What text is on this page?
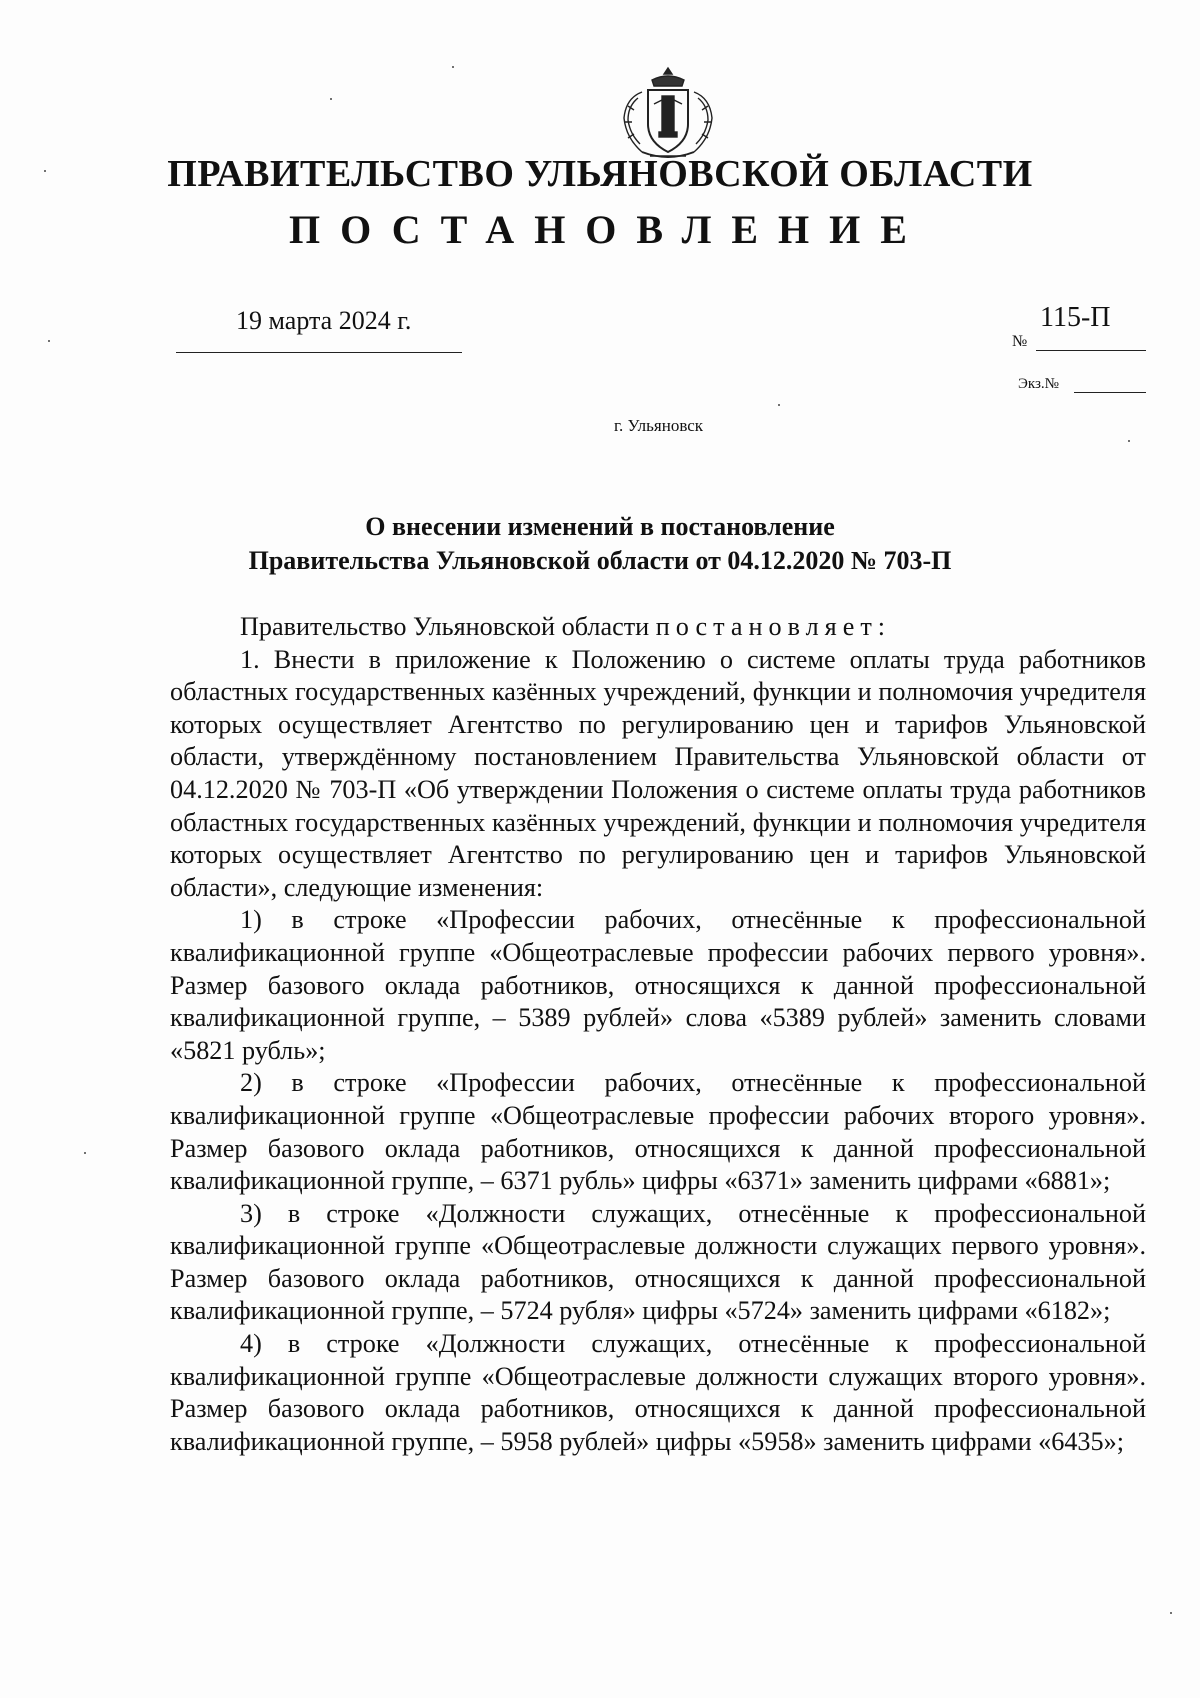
ПРАВИТЕЛЬСТВО УЛЬЯНОВСКОЙ ОБЛАСТИ
ПОСТАНОВЛЕНИЕ
19 марта 2024 г.	115-П
№
Экз.№
г. Ульяновск
О внесении изменений в постановление
Правительства Ульяновской области от 04.12.2020 № 703-П

Правительство Ульяновской области постановляет:

1. Внести в приложение к Положению о системе оплаты труда работников областных государственных казённых учреждений, функции и полномочия учредителя которых осуществляет Агентство по регулированию цен и тарифов Ульяновской области, утверждённому постановлением Правительства Ульяновской области от 04.12.2020 № 703-П «Об утверждении Положения о системе оплаты труда работников областных государственных казённых учреждений, функции и полномочия учредителя которых осуществляет Агентство по регулированию цен и тарифов Ульяновской области», следующие изменения:

1) в строке «Профессии рабочих, отнесённые к профессиональной квалификационной группе «Общеотраслевые профессии рабочих первого уровня». Размер базового оклада работников, относящихся к данной профессиональной квалификационной группе, – 5389 рублей» слова «5389 рублей» заменить словами «5821 рубль»;

2) в строке «Профессии рабочих, отнесённые к профессиональной квалификационной группе «Общеотраслевые профессии рабочих второго уровня». Размер базового оклада работников, относящихся к данной профессиональной квалификационной группе, – 6371 рубль» цифры «6371» заменить цифрами «6881»;

3) в строке «Должности служащих, отнесённые к профессиональной квалификационной группе «Общеотраслевые должности служащих первого уровня». Размер базового оклада работников, относящихся к данной профессиональной квалификационной группе, – 5724 рубля» цифры «5724» заменить цифрами «6182»;

4) в строке «Должности служащих, отнесённые к профессиональной квалификационной группе «Общеотраслевые должности служащих второго уровня». Размер базового оклада работников, относящихся к данной профессиональной квалификационной группе, – 5958 рублей» цифры «5958» заменить цифрами «6435»;
